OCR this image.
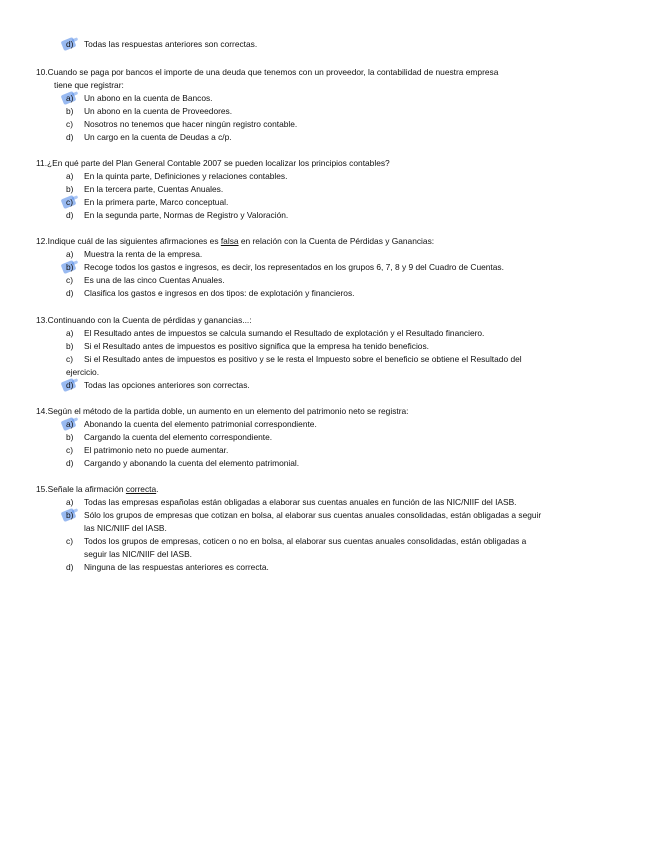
d) Todas las respuestas anteriores son correctas.
10.Cuando se paga por bancos el importe de una deuda que tenemos con un proveedor, la contabilidad de nuestra empresa
tiene que registrar:
a) Un abono en la cuenta de Bancos.
b) Un abono en la cuenta de Proveedores.
c) Nosotros no tenemos que hacer ningún registro contable.
d) Un cargo en la cuenta de Deudas a c/p.
11.¿En qué parte del Plan General Contable 2007 se pueden localizar los principios contables?
a) En la quinta parte, Definiciones y relaciones contables.
b) En la tercera parte, Cuentas Anuales.
c) En la primera parte, Marco conceptual.
d) En la segunda parte, Normas de Registro y Valoración.
12.Indique cuál de las siguientes afirmaciones es falsa en relación con la Cuenta de Pérdidas y Ganancias:
a) Muestra la renta de la empresa.
b) Recoge todos los gastos e ingresos, es decir, los representados en los grupos 6, 7, 8 y 9 del Cuadro de Cuentas.
c) Es una de las cinco Cuentas Anuales.
d) Clasifica los gastos e ingresos en dos tipos: de explotación y financieros.
13.Continuando con la Cuenta de pérdidas y ganancias...:
a) El Resultado antes de impuestos se calcula sumando el Resultado de explotación y el Resultado financiero.
b) Si el Resultado antes de impuestos es positivo significa que la empresa ha tenido beneficios.
c) Si el Resultado antes de impuestos es positivo y se le resta el Impuesto sobre el beneficio se obtiene el Resultado del
ejercicio.
d) Todas las opciones anteriores son correctas.
14.Según el método de la partida doble, un aumento en un elemento del patrimonio neto se registra:
a) Abonando la cuenta del elemento patrimonial correspondiente.
b) Cargando la cuenta del elemento correspondiente.
c) El patrimonio neto no puede aumentar.
d) Cargando y abonando la cuenta del elemento patrimonial.
15.Señale la afirmación correcta.
a) Todas las empresas españolas están obligadas a elaborar sus cuentas anuales en función de las NIC/NIIF del IASB.
b) Sólo los grupos de empresas que cotizan en bolsa, al elaborar sus cuentas anuales consolidadas, están obligadas a seguir
las NIC/NIIF del IASB.
c) Todos los grupos de empresas, coticen o no en bolsa, al elaborar sus cuentas anuales consolidadas, están obligadas a
seguir las NIC/NIIF del IASB.
d) Ninguna de las respuestas anteriores es correcta.
